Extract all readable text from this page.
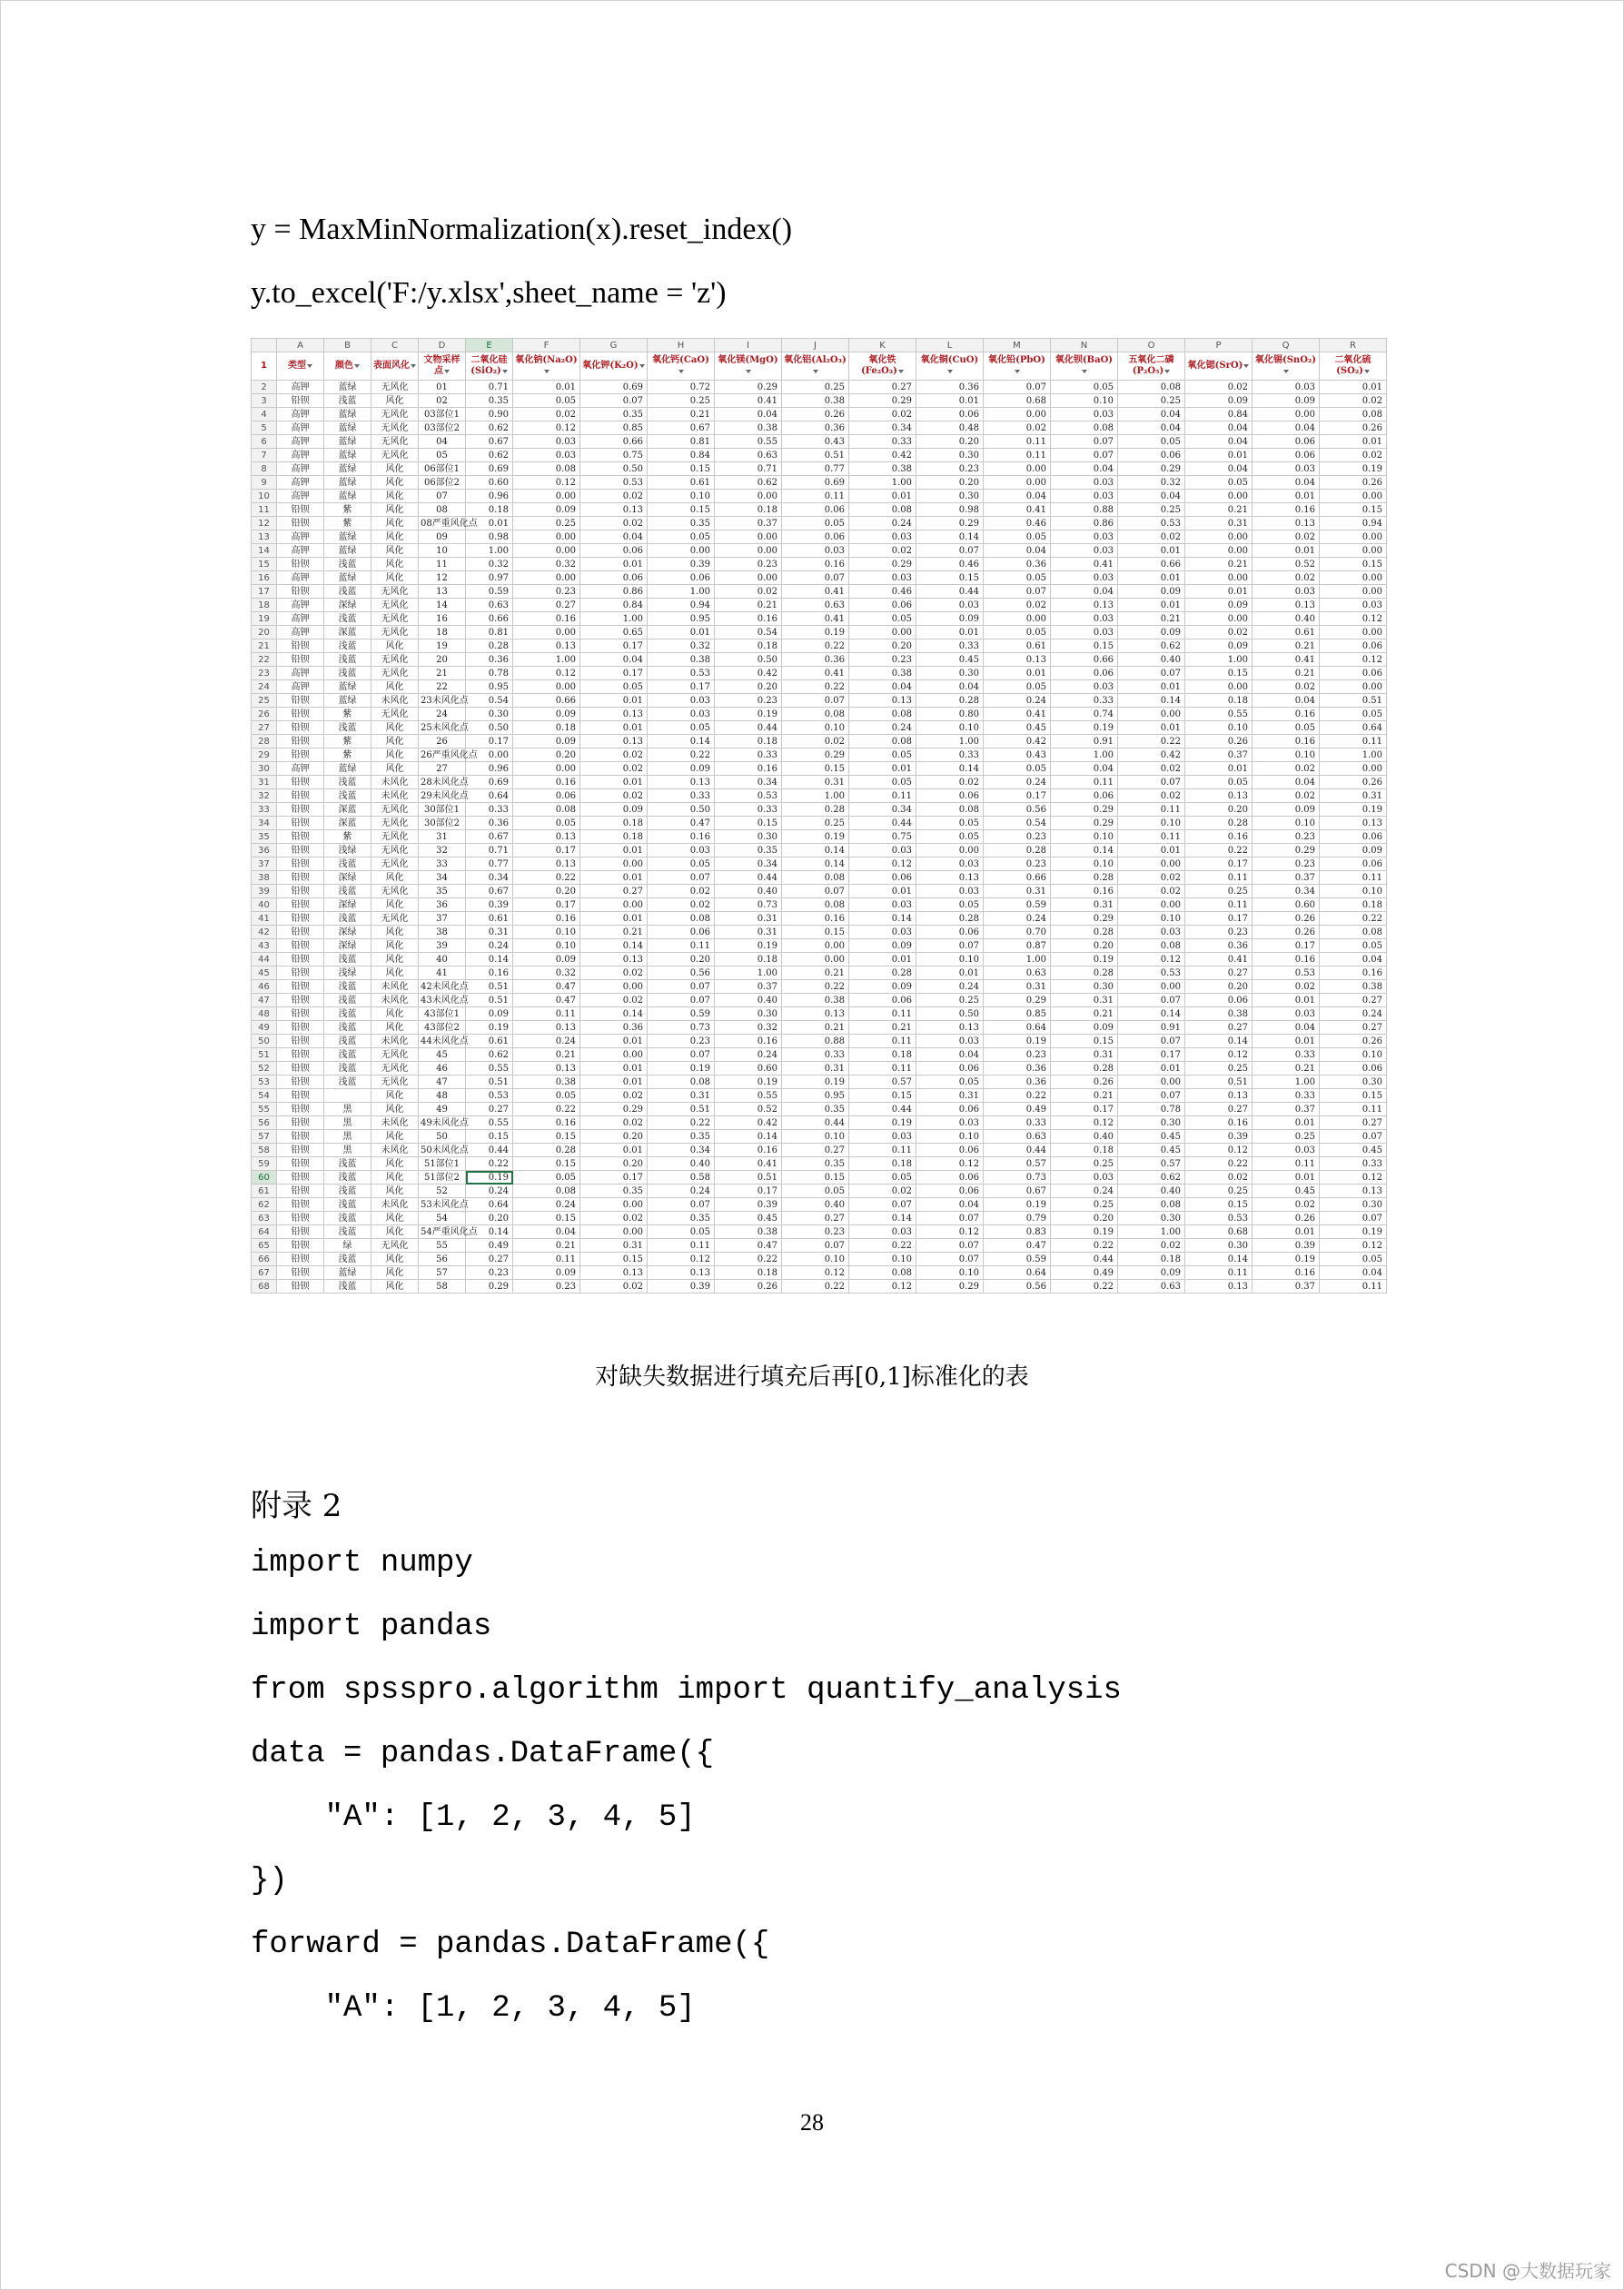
y = MaxMinNormalization(x).reset_index()
y.to_excel('F:/y.xlsx',sheet_name = 'z')
	A	B	C	D	E	F	G	H	I	J	K	L	M	N	O	P	Q	R
1	类型	颜色	表面风化	文物采样点	二氧化硅(SiO₂)	氧化钠(Na₂O)	氧化钾(K₂O)	氧化钙(CaO)	氧化镁(MgO)	氧化铝(Al₂O₃)	氧化铁(Fe₂O₃)	氧化铜(CuO)	氧化铅(PbO)	氧化钡(BaO)	五氧化二磷(P₂O₅)	氧化锶(SrO)	氧化锡(SnO₂)	二氧化硫(SO₂)
2	高钾	蓝绿	无风化	01	0.71	0.01	0.69	0.72	0.29	0.25	0.27	0.36	0.07	0.05	0.08	0.02	0.03	0.01
3	铅钡	浅蓝	风化	02	0.35	0.05	0.07	0.25	0.41	0.38	0.29	0.01	0.68	0.10	0.25	0.09	0.09	0.02
4	高钾	蓝绿	无风化	03部位1	0.90	0.02	0.35	0.21	0.04	0.26	0.02	0.06	0.00	0.03	0.04	0.84	0.00	0.08
5	高钾	蓝绿	无风化	03部位2	0.62	0.12	0.85	0.67	0.38	0.36	0.34	0.48	0.02	0.08	0.04	0.04	0.04	0.26
6	高钾	蓝绿	无风化	04	0.67	0.03	0.66	0.81	0.55	0.43	0.33	0.20	0.11	0.07	0.05	0.04	0.06	0.01
7	高钾	蓝绿	无风化	05	0.62	0.03	0.75	0.84	0.63	0.51	0.42	0.30	0.11	0.07	0.06	0.01	0.06	0.02
8	高钾	蓝绿	风化	06部位1	0.69	0.08	0.50	0.15	0.71	0.77	0.38	0.23	0.00	0.04	0.29	0.04	0.03	0.19
9	高钾	蓝绿	风化	06部位2	0.60	0.12	0.53	0.61	0.62	0.69	1.00	0.20	0.00	0.03	0.32	0.05	0.04	0.26
10	高钾	蓝绿	风化	07	0.96	0.00	0.02	0.10	0.00	0.11	0.01	0.30	0.04	0.03	0.04	0.00	0.01	0.00
11	铅钡	紫	风化	08	0.18	0.09	0.13	0.15	0.18	0.06	0.08	0.98	0.41	0.88	0.25	0.21	0.16	0.15
12	铅钡	紫	风化	08严重风化点	0.01	0.25	0.02	0.35	0.37	0.05	0.24	0.29	0.46	0.86	0.53	0.31	0.13	0.94
13	高钾	蓝绿	风化	09	0.98	0.00	0.04	0.05	0.00	0.06	0.03	0.14	0.05	0.03	0.02	0.00	0.02	0.00
14	高钾	蓝绿	风化	10	1.00	0.00	0.06	0.00	0.00	0.03	0.02	0.07	0.04	0.03	0.01	0.00	0.01	0.00
15	铅钡	浅蓝	风化	11	0.32	0.32	0.01	0.39	0.23	0.16	0.29	0.46	0.36	0.41	0.66	0.21	0.52	0.15
16	高钾	蓝绿	风化	12	0.97	0.00	0.06	0.06	0.00	0.07	0.03	0.15	0.05	0.03	0.01	0.00	0.02	0.00
17	铅钡	浅蓝	无风化	13	0.59	0.23	0.86	1.00	0.02	0.41	0.46	0.44	0.07	0.04	0.09	0.01	0.03	0.00
18	高钾	深绿	无风化	14	0.63	0.27	0.84	0.94	0.21	0.63	0.06	0.03	0.02	0.13	0.01	0.09	0.13	0.03
19	高钾	浅蓝	无风化	16	0.66	0.16	1.00	0.95	0.16	0.41	0.05	0.09	0.00	0.03	0.21	0.00	0.40	0.12
20	高钾	深蓝	无风化	18	0.81	0.00	0.65	0.01	0.54	0.19	0.00	0.01	0.05	0.03	0.09	0.02	0.61	0.00
21	铅钡	浅蓝	风化	19	0.28	0.13	0.17	0.32	0.18	0.22	0.20	0.33	0.61	0.15	0.62	0.09	0.21	0.06
22	铅钡	浅蓝	无风化	20	0.36	1.00	0.04	0.38	0.50	0.36	0.23	0.45	0.13	0.66	0.40	1.00	0.41	0.12
23	高钾	浅蓝	无风化	21	0.78	0.12	0.17	0.53	0.42	0.41	0.38	0.30	0.01	0.06	0.07	0.15	0.21	0.06
24	高钾	蓝绿	风化	22	0.95	0.00	0.05	0.17	0.20	0.22	0.04	0.04	0.05	0.03	0.01	0.00	0.02	0.00
25	铅钡	蓝绿	未风化	23未风化点	0.54	0.66	0.01	0.03	0.23	0.07	0.13	0.28	0.24	0.33	0.14	0.18	0.04	0.51
26	铅钡	紫	无风化	24	0.30	0.09	0.13	0.03	0.19	0.08	0.08	0.80	0.41	0.74	0.00	0.55	0.16	0.05
27	铅钡	浅蓝	风化	25未风化点	0.50	0.18	0.01	0.05	0.44	0.10	0.24	0.10	0.45	0.19	0.01	0.10	0.05	0.64
28	铅钡	紫	风化	26	0.17	0.09	0.13	0.14	0.18	0.02	0.08	1.00	0.42	0.91	0.22	0.26	0.16	0.11
29	铅钡	紫	风化	26严重风化点	0.00	0.20	0.02	0.22	0.33	0.29	0.05	0.33	0.43	1.00	0.42	0.37	0.10	1.00
30	高钾	蓝绿	风化	27	0.96	0.00	0.02	0.09	0.16	0.15	0.01	0.14	0.05	0.04	0.02	0.01	0.02	0.00
31	铅钡	浅蓝	未风化	28未风化点	0.69	0.16	0.01	0.13	0.34	0.31	0.05	0.02	0.24	0.11	0.07	0.05	0.04	0.26
32	铅钡	浅蓝	未风化	29未风化点	0.64	0.06	0.02	0.33	0.53	1.00	0.11	0.06	0.17	0.06	0.02	0.13	0.02	0.31
33	铅钡	深蓝	无风化	30部位1	0.33	0.08	0.09	0.50	0.33	0.28	0.34	0.08	0.56	0.29	0.11	0.20	0.09	0.19
34	铅钡	深蓝	无风化	30部位2	0.36	0.05	0.18	0.47	0.15	0.25	0.44	0.05	0.54	0.29	0.10	0.28	0.10	0.13
35	铅钡	紫	无风化	31	0.67	0.13	0.18	0.16	0.30	0.19	0.75	0.05	0.23	0.10	0.11	0.16	0.23	0.06
36	铅钡	浅绿	无风化	32	0.71	0.17	0.01	0.03	0.35	0.14	0.03	0.00	0.28	0.14	0.01	0.22	0.29	0.09
37	铅钡	浅蓝	无风化	33	0.77	0.13	0.00	0.05	0.34	0.14	0.12	0.03	0.23	0.10	0.00	0.17	0.23	0.06
38	铅钡	深绿	风化	34	0.34	0.22	0.01	0.07	0.44	0.08	0.06	0.13	0.66	0.28	0.02	0.11	0.37	0.11
39	铅钡	浅蓝	无风化	35	0.67	0.20	0.27	0.02	0.40	0.07	0.01	0.03	0.31	0.16	0.02	0.25	0.34	0.10
40	铅钡	深绿	风化	36	0.39	0.17	0.00	0.02	0.73	0.08	0.03	0.05	0.59	0.31	0.00	0.11	0.60	0.18
41	铅钡	浅蓝	无风化	37	0.61	0.16	0.01	0.08	0.31	0.16	0.14	0.28	0.24	0.29	0.10	0.17	0.26	0.22
42	铅钡	深绿	风化	38	0.31	0.10	0.21	0.06	0.31	0.15	0.03	0.06	0.70	0.28	0.03	0.23	0.26	0.08
43	铅钡	深绿	风化	39	0.24	0.10	0.14	0.11	0.19	0.00	0.09	0.07	0.87	0.20	0.08	0.36	0.17	0.05
44	铅钡	浅蓝	风化	40	0.14	0.09	0.13	0.20	0.18	0.00	0.01	0.10	1.00	0.19	0.12	0.41	0.16	0.04
45	铅钡	浅绿	风化	41	0.16	0.32	0.02	0.56	1.00	0.21	0.28	0.01	0.63	0.28	0.53	0.27	0.53	0.16
46	铅钡	浅蓝	未风化	42未风化点	0.51	0.47	0.00	0.07	0.37	0.22	0.09	0.24	0.31	0.30	0.00	0.20	0.02	0.38
47	铅钡	浅蓝	未风化	43未风化点	0.51	0.47	0.02	0.07	0.40	0.38	0.06	0.25	0.29	0.31	0.07	0.06	0.01	0.27
48	铅钡	浅蓝	风化	43部位1	0.09	0.11	0.14	0.59	0.30	0.13	0.11	0.50	0.85	0.21	0.14	0.38	0.03	0.24
49	铅钡	浅蓝	风化	43部位2	0.19	0.13	0.36	0.73	0.32	0.21	0.21	0.13	0.64	0.09	0.91	0.27	0.04	0.27
50	铅钡	浅蓝	未风化	44未风化点	0.61	0.24	0.01	0.23	0.16	0.88	0.11	0.03	0.19	0.15	0.07	0.14	0.01	0.26
51	铅钡	浅蓝	无风化	45	0.62	0.21	0.00	0.07	0.24	0.33	0.18	0.04	0.23	0.31	0.17	0.12	0.33	0.10
52	铅钡	浅蓝	无风化	46	0.55	0.13	0.01	0.19	0.60	0.31	0.11	0.06	0.36	0.28	0.01	0.25	0.21	0.06
53	铅钡	浅蓝	无风化	47	0.51	0.38	0.01	0.08	0.19	0.19	0.57	0.05	0.36	0.26	0.00	0.51	1.00	0.30
54	铅钡		风化	48	0.53	0.05	0.02	0.31	0.55	0.95	0.15	0.31	0.22	0.21	0.07	0.13	0.33	0.15
55	铅钡	黑	风化	49	0.27	0.22	0.29	0.51	0.52	0.35	0.44	0.06	0.49	0.17	0.78	0.27	0.37	0.11
56	铅钡	黑	未风化	49未风化点	0.55	0.16	0.02	0.22	0.42	0.44	0.19	0.03	0.33	0.12	0.30	0.16	0.01	0.27
57	铅钡	黑	风化	50	0.15	0.15	0.20	0.35	0.14	0.10	0.03	0.10	0.63	0.40	0.45	0.39	0.25	0.07
58	铅钡	黑	未风化	50未风化点	0.44	0.28	0.01	0.34	0.16	0.27	0.11	0.06	0.44	0.18	0.45	0.12	0.03	0.45
59	铅钡	浅蓝	风化	51部位1	0.22	0.15	0.20	0.40	0.41	0.35	0.18	0.12	0.57	0.25	0.57	0.22	0.11	0.33
60	铅钡	浅蓝	风化	51部位2	0.19	0.05	0.17	0.58	0.51	0.15	0.05	0.06	0.73	0.03	0.62	0.02	0.01	0.12
61	铅钡	浅蓝	风化	52	0.24	0.08	0.35	0.24	0.17	0.05	0.02	0.06	0.67	0.24	0.40	0.25	0.45	0.13
62	铅钡	浅蓝	未风化	53未风化点	0.64	0.24	0.00	0.07	0.39	0.40	0.07	0.04	0.19	0.25	0.08	0.15	0.02	0.30
63	铅钡	浅蓝	风化	54	0.20	0.15	0.02	0.35	0.45	0.27	0.14	0.07	0.79	0.20	0.30	0.53	0.26	0.07
64	铅钡	浅蓝	风化	54严重风化点	0.14	0.04	0.00	0.05	0.38	0.23	0.03	0.12	0.83	0.19	1.00	0.68	0.01	0.19
65	铅钡	绿	无风化	55	0.49	0.21	0.31	0.11	0.47	0.07	0.22	0.07	0.47	0.22	0.02	0.30	0.39	0.12
66	铅钡	浅蓝	风化	56	0.27	0.11	0.15	0.12	0.22	0.10	0.10	0.07	0.59	0.44	0.18	0.14	0.19	0.05
67	铅钡	蓝绿	风化	57	0.23	0.09	0.13	0.13	0.18	0.12	0.08	0.10	0.64	0.49	0.09	0.11	0.16	0.04
68	铅钡	浅蓝	风化	58	0.29	0.23	0.02	0.39	0.26	0.22	0.12	0.29	0.56	0.22	0.63	0.13	0.37	0.11
对缺失数据进行填充后再[0,1]标准化的表
附录 2
import numpy
import pandas
from spsspro.algorithm import quantify_analysis
data = pandas.DataFrame({
"A": [1, 2, 3, 4, 5]
})
forward = pandas.DataFrame({
"A": [1, 2, 3, 4, 5]
28
CSDN @大数据玩家
